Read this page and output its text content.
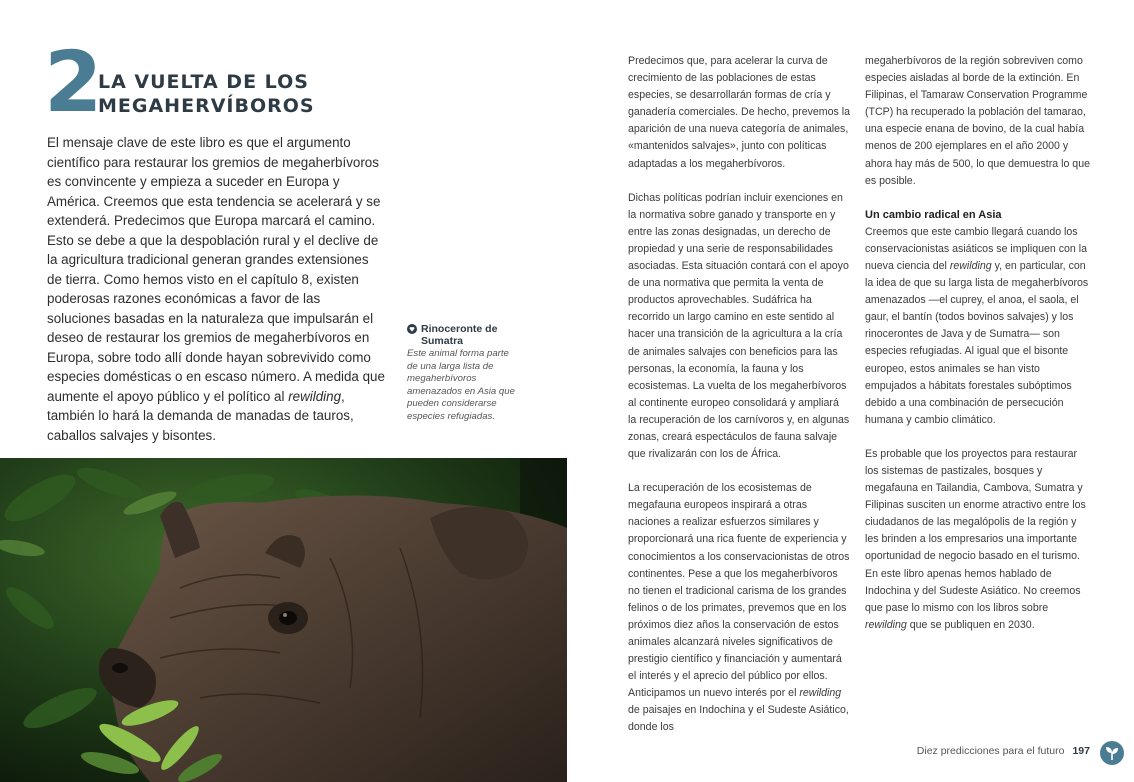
2
LA VUELTA DE LOS
MEGAHERVÍBOROS

El mensaje clave de este libro es que el argumento científico para restaurar los gremios de megaherbívoros es convincente y empieza a suceder en Europa y América. Creemos que esta tendencia se acelerará y se extenderá. Predecimos que Europa marcará el camino. Esto se debe a que la despoblación rural y el declive de la agricultura tradicional generan grandes extensiones de tierra. Como hemos visto en el capítulo 8, existen poderosas razones económicas a favor de las soluciones basadas en la naturaleza que impulsarán el deseo de restaurar los gremios de megaherbívoros en Europa, sobre todo allí donde hayan sobrevivido como especies domésticas o en escaso número. A medida que aumente el apoyo público y el político al rewilding, también lo hará la demanda de manadas de tauros, caballos salvajes y bisontes.

Rinoceronte de Sumatra
Este animal forma parte de una larga lista de megaherbívoros amenazados en Asia que pueden considerarse especies refugiadas.

Predecimos que, para acelerar la curva de crecimiento de las poblaciones de estas especies, se desarrollarán formas de cría y ganadería comerciales. De hecho, prevemos la aparición de una nueva categoría de animales, «mantenidos salvajes», junto con políticas adaptadas a los megaherbívoros.

Dichas políticas podrían incluir exenciones en la normativa sobre ganado y transporte en y entre las zonas designadas, un derecho de propiedad y una serie de responsabilidades asociadas. Esta situación contará con el apoyo de una normativa que permita la venta de productos aprovechables. Sudáfrica ha recorrido un largo camino en este sentido al hacer una transición de la agricultura a la cría de animales salvajes con beneficios para las personas, la economía, la fauna y los ecosistemas. La vuelta de los megaherbívoros al continente europeo consolidará y ampliará la recuperación de los carnívoros y, en algunas zonas, creará espectáculos de fauna salvaje que rivalizarán con los de África.

La recuperación de los ecosistemas de megafauna europeos inspirará a otras naciones a realizar esfuerzos similares y proporcionará una rica fuente de experiencia y conocimientos a los conservacionistas de otros continentes. Pese a que los megaherbívoros no tienen el tradicional carisma de los grandes felinos o de los primates, prevemos que en los próximos diez años la conservación de estos animales alcanzará niveles significativos de prestigio científico y financiación y aumentará el interés y el aprecio del público por ellos. Anticipamos un nuevo interés por el rewilding de paisajes en Indochina y el Sudeste Asiático, donde los

megaherbívoros de la región sobreviven como especies aisladas al borde de la extinción. En Filipinas, el Tamaraw Conservation Programme (TCP) ha recuperado la población del tamarao, una especie enana de bovino, de la cual había menos de 200 ejemplares en el año 2000 y ahora hay más de 500, lo que demuestra lo que es posible.

Un cambio radical en Asia

Creemos que este cambio llegará cuando los conservacionistas asiáticos se impliquen con la nueva ciencia del rewilding y, en particular, con la idea de que su larga lista de megaherbívoros amenazados —el cuprey, el anoa, el saola, el gaur, el bantín (todos bovinos salvajes) y los rinocerontes de Java y de Sumatra— son especies refugiadas. Al igual que el bisonte europeo, estos animales se han visto empujados a hábitats forestales subóptimos debido a una combinación de persecución humana y cambio climático.

Es probable que los proyectos para restaurar los sistemas de pastizales, bosques y megafauna en Tailandia, Cambova, Sumatra y Filipinas susciten un enorme atractivo entre los ciudadanos de las megalópolis de la región y les brinden a los empresarios una importante oportunidad de negocio basado en el turismo. En este libro apenas hemos hablado de Indochina y del Sudeste Asiático. No creemos que pase lo mismo con los libros sobre rewilding que se publiquen en 2030.

Diez predicciones para el futuro 197
